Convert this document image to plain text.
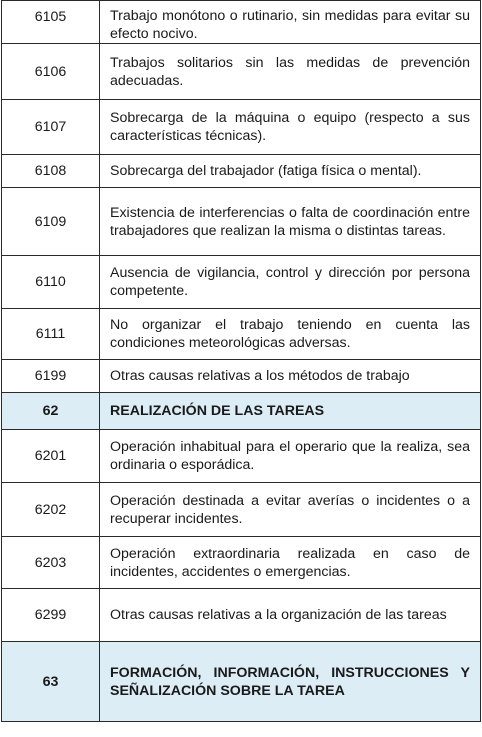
6105	Trabajo monótono o rutinario, sin medidas para evitar su efecto nocivo.
6106	Trabajos solitarios sin las medidas de prevención adecuadas.
6107	Sobrecarga de la máquina o equipo (respecto a sus características técnicas).
6108	Sobrecarga del trabajador (fatiga física o mental).
6109	Existencia de interferencias o falta de coordinación entre trabajadores que realizan la misma o distintas tareas.
6110	Ausencia de vigilancia, control y dirección por persona competente.
6111	No organizar el trabajo teniendo en cuenta las condiciones meteorológicas adversas.
6199	Otras causas relativas a los métodos de trabajo
62	REALIZACIÓN DE LAS TAREAS
6201	Operación inhabitual para el operario que la realiza, sea ordinaria o esporádica.
6202	Operación destinada a evitar averías o incidentes o a recuperar incidentes.
6203	Operación extraordinaria realizada en caso de incidentes, accidentes o emergencias.
6299	Otras causas relativas a la organización de las tareas
63	FORMACIÓN, INFORMACIÓN, INSTRUCCIONES Y SEÑALIZACIÓN SOBRE LA TAREA
